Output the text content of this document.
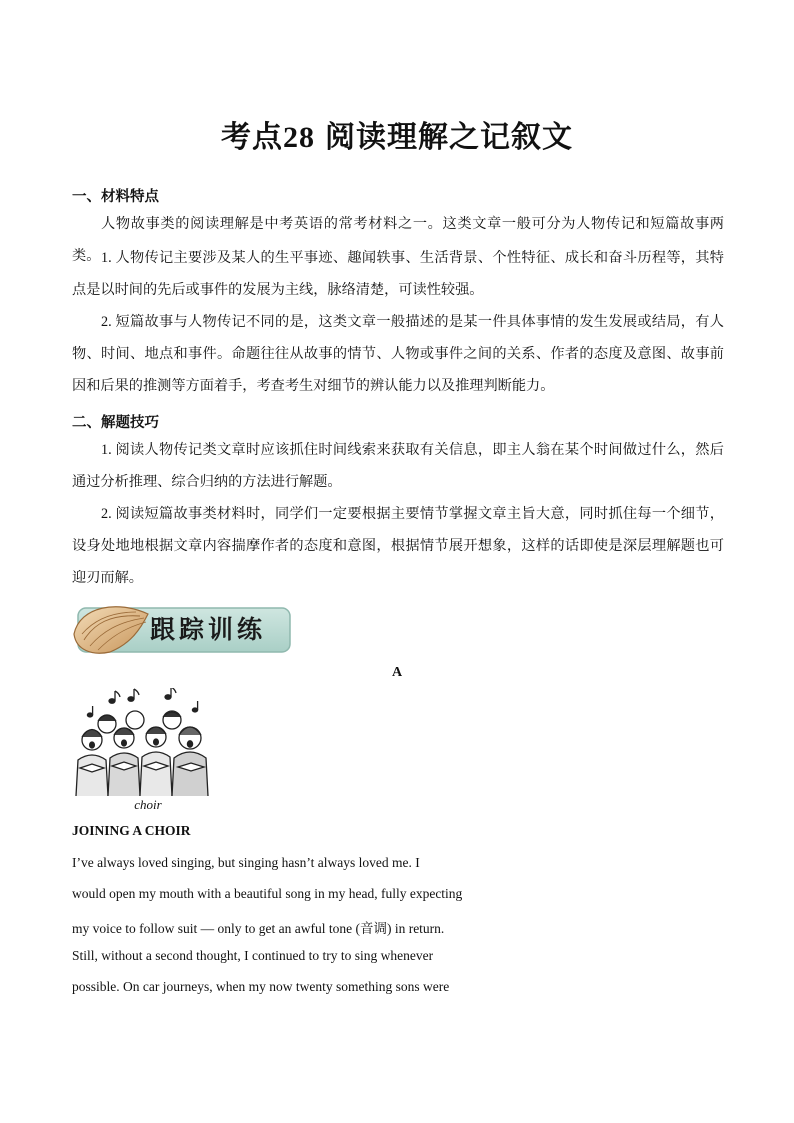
考点28 阅读理解之记叙文
一、材料特点

人物故事类的阅读理解是中考英语的常考材料之一。这类文章一般可分为人物传记和短篇故事两类。 1. 人物传记主要涉及某人的生平事迹、趣闻轶事、生活背景、个性特征、成长和奋斗历程等，其特点是以时间的先后或事件的发展为主线，脉络清楚，可读性较强。

2. 短篇故事与人物传记不同的是，这类文章一般描述的是某一件具体事情的发生发展或结局，有人物、时间、地点和事件。命题往往从故事的情节、人物或事件之间的关系、作者的态度及意图、故事前因和后果的推测等方面着手，考查考生对细节的辨认能力以及推理判断能力。

二、解题技巧

1. 阅读人物传记类文章时应该抓住时间线索来获取有关信息，即主人翁在某个时间做过什么，然后通过分析推理、综合归纳的方法进行解题。

2. 阅读短篇故事类材料时，同学们一定要根据主要情节掌握文章主旨大意，同时抓住每一个细节，设身处地地根据文章内容揣摩作者的态度和意图，根据情节展开想象，这样的话即使是深层理解题也可迎刃而解。

跟踪训练
A
choir
JOINING A CHOIR

I’ve always loved singing, but singing hasn’t always loved me. I

would open my mouth with a beautiful song in my head, fully expecting

my voice to follow suit — only to get an awful tone (音调) in return.

Still, without a second thought, I continued to try to sing whenever

possible. On car journeys, when my now twenty something sons were
